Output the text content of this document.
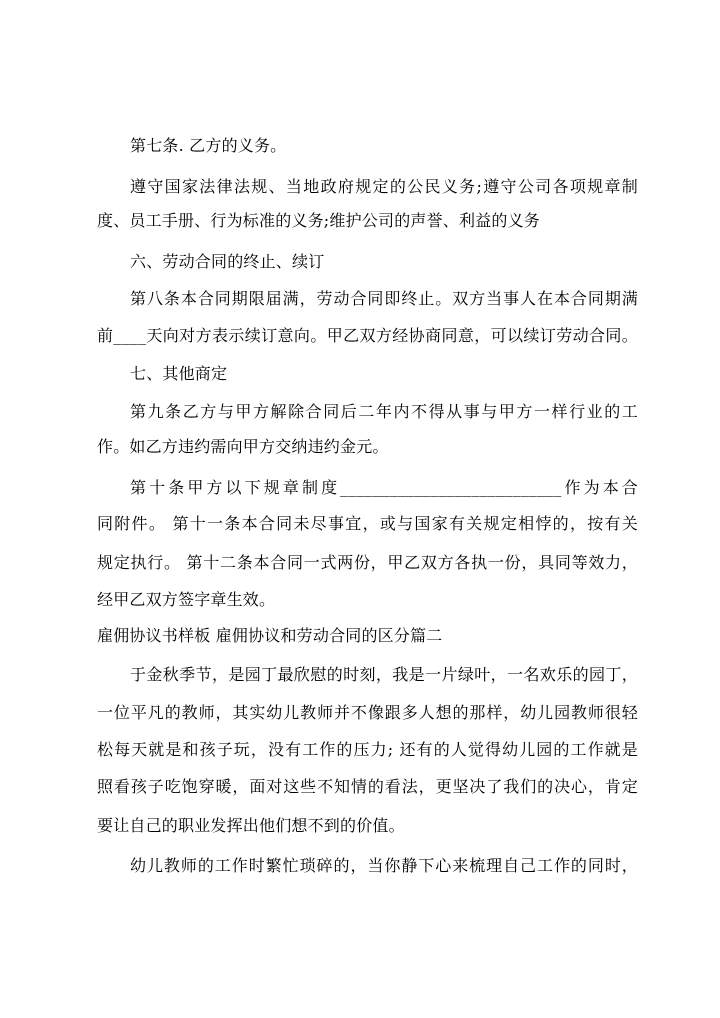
第七条. 乙方的义务。
遵守国家法律法规、当地政府规定的公民义务;遵守公司各项规章制
度、员工手册、行为标准的义务;维护公司的声誉、利益的义务
六、劳动合同的终止、续订
第八条本合同期限届满，劳动合同即终止。双方当事人在本合同期满
前____天向对方表示续订意向。甲乙双方经协商同意，可以续订劳动合同。
七、其他商定
第九条乙方与甲方解除合同后二年内不得从事与甲方一样行业的工
作。如乙方违约需向甲方交纳违约金元。
第十条甲方以下规章制度___________________________作为本合
同附件。 第十一条本合同未尽事宜，或与国家有关规定相悖的，按有关
规定执行。 第十二条本合同一式两份，甲乙双方各执一份，具同等效力，
经甲乙双方签字章生效。
雇佣协议书样板 雇佣协议和劳动合同的区分篇二
于金秋季节，是园丁最欣慰的时刻，我是一片绿叶，一名欢乐的园丁，
一位平凡的教师，其实幼儿教师并不像跟多人想的那样，幼儿园教师很轻
松每天就是和孩子玩，没有工作的压力; 还有的人觉得幼儿园的工作就是
照看孩子吃饱穿暖，面对这些不知情的看法，更坚决了我们的决心，肯定
要让自己的职业发挥出他们想不到的价值。
幼儿教师的工作时繁忙琐碎的，当你静下心来梳理自己工作的同时，
